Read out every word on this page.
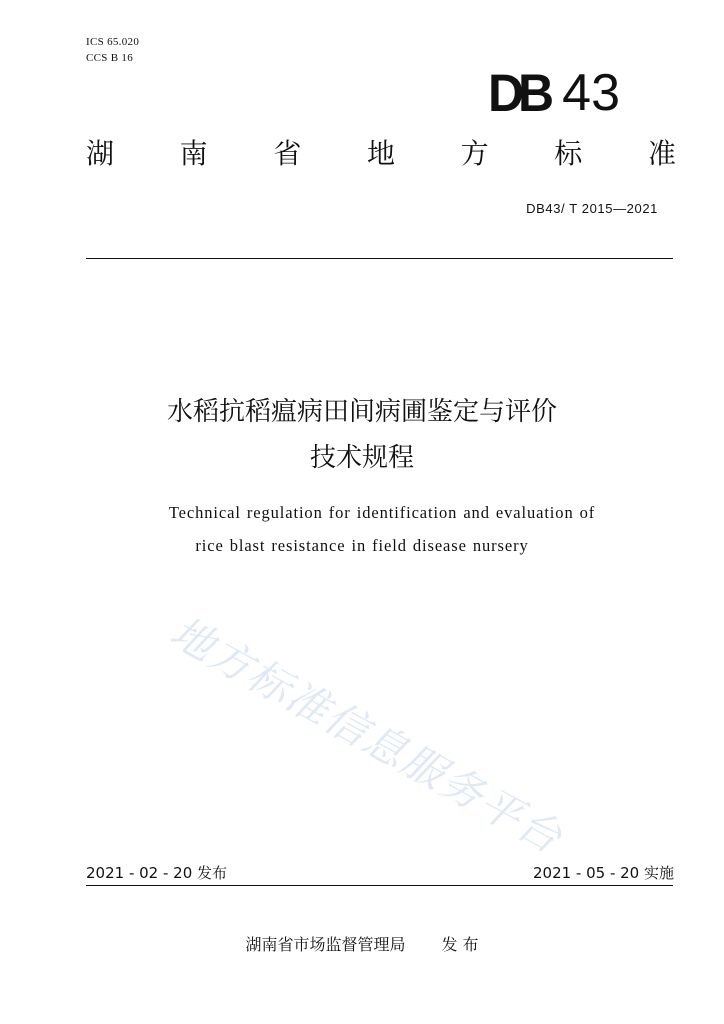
ICS 65.020
CCS B 16
DB 43
湖 南 省 地 方 标 准
DB43/ T 2015—2021
水稻抗稻瘟病田间病圃鉴定与评价
技术规程
Technical regulation for identification and evaluation of
rice blast resistance in field disease nursery
地方标准信息服务平台
2021 - 02 - 20 发布	2021 - 05 - 20 实施
湖南省市场监督管理局 发 布
